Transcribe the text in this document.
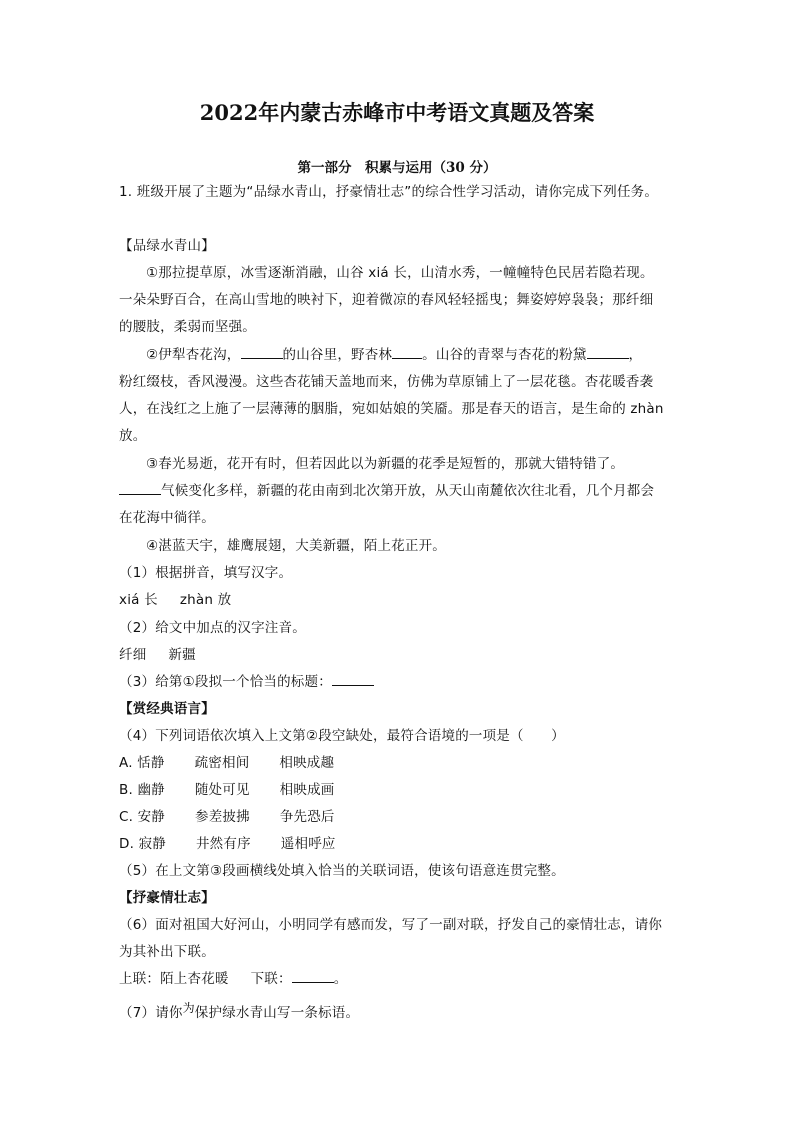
2022年内蒙古赤峰市中考语文真题及答案
第一部分　积累与运用（30 分）
1. 班级开展了主题为“品绿水青山，抒豪情壮志”的综合性学习活动，请你完成下列任务。
【品绿水青山】
①那拉提草原，冰雪逐渐消融，山谷 xiá 长，山清水秀，一幢幢特色民居若隐若现。
一朵朵野百合，在高山雪地的映衬下，迎着微凉的春风轻轻摇曳；舞姿婷婷袅袅；那纤细
的腰肢，柔弱而坚强。
②伊犁杏花沟，	的山谷里，野杏林 。山谷的青翠与杏花的粉黛	，
粉红缀枝，香风漫漫。这些杏花铺天盖地而来，仿佛为草原铺上了一层花毯。杏花暖香袭
人，在浅红之上施了一层薄薄的胭脂，宛如姑娘的笑靥。那是春天的语言，是生命的 zhàn
放。
③春光易逝，花开有时，但若因此以为新疆的花季是短暂的，那就大错特错了。
气候变化多样，新疆的花由南到北次第开放，从天山南麓依次往北看，几个月都会
在花海中徜徉。
④湛蓝天宇，雄鹰展翅，大美新疆，陌上花正开。
（1）根据拼音，填写汉字。
xiá 长 zhàn 放
（2）给文中加点的汉字注音。
纤细 新疆
（3）给第①段拟一个恰当的标题：
【赏经典语言】
（4）下列词语依次填入上文第②段空缺处，最符合语境的一项是（　　）
A. 恬静 疏密相间 相映成趣
B. 幽静 随处可见 相映成画
C. 安静 参差披拂 争先恐后
D. 寂静 井然有序 遥相呼应
（5）在上文第③段画横线处填入恰当的关联词语，使该句语意连贯完整。
【抒豪情壮志】
（6）面对祖国大好河山，小明同学有感而发，写了一副对联，抒发自己的豪情壮志，请你
为其补出下联。
上联：陌上杏花暖 下联：	。
（7）请你为保护绿水青山写一条标语。
